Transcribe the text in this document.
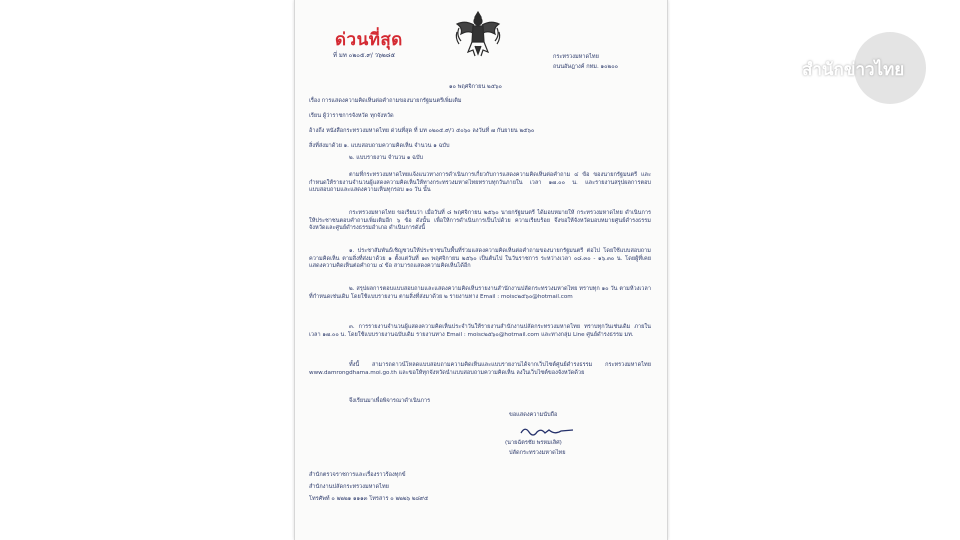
ด่วนที่สุด
ที่ มท ๐๒๐๕.๙/ ว๖๒๘๕	กระทรวงมหาดไทย
ถนนอัษฎางค์ กทม. ๑๐๒๐๐
๑๐ พฤศจิกายน ๒๕๖๐
เรื่อง การแสดงความคิดเห็นต่อคำถามของนายกรัฐมนตรีเพิ่มเติม
เรียน ผู้ว่าราชการจังหวัด ทุกจังหวัด
อ้างถึง หนังสือกระทรวงมหาดไทย ด่วนที่สุด ที่ มท ๐๒๐๕.๙/ว ๕๐๖๐ ลงวันที่ ๗ กันยายน ๒๕๖๐
สิ่งที่ส่งมาด้วย ๑. แบบสอบถามความคิดเห็น จำนวน ๑ ฉบับ
๒. แบบรายงาน จำนวน ๑ ฉบับ
ตามที่กระทรวงมหาดไทยแจ้งแนวทางการดำเนินการเกี่ยวกับการแสดงความคิดเห็นต่อคำถาม ๔ ข้อ ของนายกรัฐมนตรี และกำหนดให้รายงานจำนวนผู้แสดงความคิดเห็นให้ทางกระทรวงมหาดไทยทราบทุกวันภายใน เวลา ๑๗.๐๐ น. และรายงานสรุปผลการตอบแบบสอบถามและแสดงความเห็นทุกรอบ ๑๐ วัน นั้น
กระทรวงมหาดไทย ขอเรียนว่า เมื่อวันที่ ๘ พฤศจิกายน ๒๕๖๐ นายกรัฐมนตรี ได้มอบหมายให้ กระทรวงมหาดไทย ดำเนินการให้ประชาชนตอบคำถามเพิ่มเติมอีก ๖ ข้อ ดังนั้น เพื่อให้การดำเนินการเป็นไปด้วย ความเรียบร้อย จึงขอให้จังหวัดมอบหมายศูนย์ดำรงธรรมจังหวัดและศูนย์ดำรงธรรมอำเภอ ดำเนินการดังนี้
๑. ประชาสัมพันธ์เชิญชวนให้ประชาชนในพื้นที่ร่วมแสดงความคิดเห็นต่อคำถามของนายกรัฐมนตรี ต่อไป โดยใช้แบบสอบถามความคิดเห็น ตามสิ่งที่ส่งมาด้วย ๑ ตั้งแต่วันที่ ๑๓ พฤศจิกายน ๒๕๖๐ เป็นต้นไป ในวันราชการ ระหว่างเวลา ๐๘.๓๐ - ๑๖.๓๐ น. โดยผู้ที่เคยแสดงความคิดเห็นต่อคำถาม ๔ ข้อ สามารถแสดงความคิดเห็นได้อีก
๒. สรุปผลการตอบแบบสอบถามและแสดงความคิดเห็นรายงานสำนักงานปลัดกระทรวงมหาดไทย ทราบทุก ๑๐ วัน ตามห้วงเวลาที่กำหนดเช่นเดิม โดยใช้แบบรายงาน ตามสิ่งที่ส่งมาด้วย ๒ รายงานทาง Email : moisc๒๕๖๐@hotmail.com
๓. การรายงานจำนวนผู้แสดงความคิดเห็นประจำวันให้รายงานสำนักงานปลัดกระทรวงมหาดไทย ทราบทุกวันเช่นเดิม ภายในเวลา ๑๗.๐๐ น. โดยใช้แบบรายงานฉบับเดิม รายงานทาง Email : moisc๒๕๖๐@hotmail.com และทางกลุ่ม Line ศูนย์ดำรงธรรม มท.
ทั้งนี้ สามารถดาวน์โหลดแบบสอบถามความคิดเห็นและแบบรายงานได้จากเว็บไซต์ศูนย์ดำรงธรรม กระทรวงมหาดไทย www.damrongdhama.moi.go.th และขอให้ทุกจังหวัดนำแบบสอบถามความคิดเห็น ลงในเว็บไซต์ของจังหวัดด้วย
จึงเรียนมาเพื่อพิจารณาดำเนินการ
ขอแสดงความนับถือ
(นายฉัตรชัย พรหมเลิศ)
ปลัดกระทรวงมหาดไทย
สำนักตรวจราชการและเรื่องราวร้องทุกข์
สำนักงานปลัดกระทรวงมหาดไทย
โทรศัพท์ ๐ ๒๒๒๑ ๑๑๑๓ โทรสาร ๐ ๒๒๒๖ ๒๘๙๕
สำนักข่าวไทย
